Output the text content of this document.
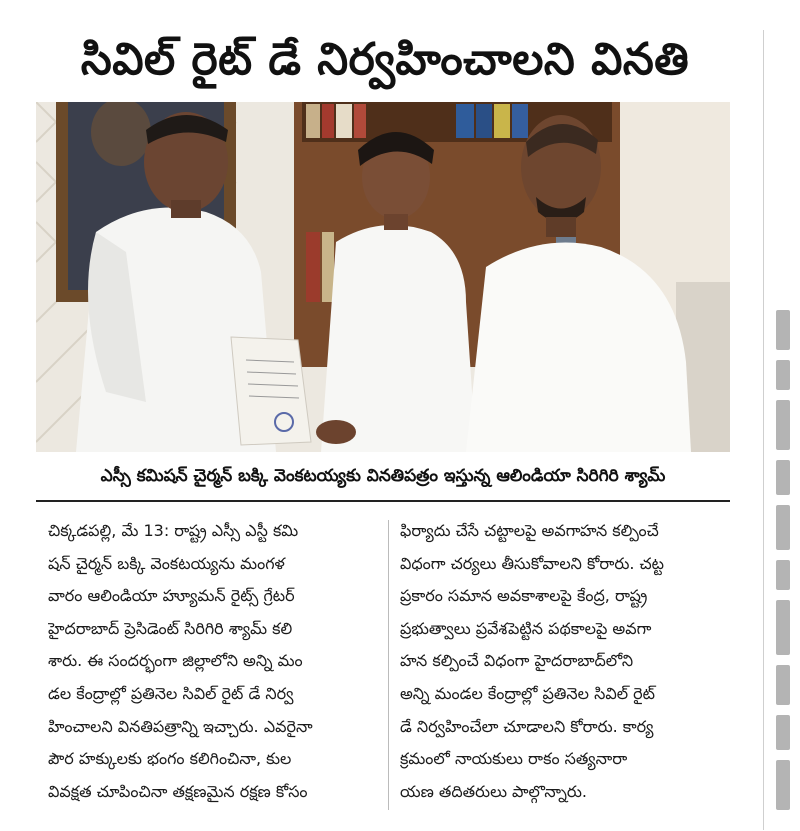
సివిల్ రైట్ డే నిర్వహించాలని వినతి
ఎస్సీ కమిషన్ చైర్మన్ బక్కి వెంకటయ్యకు వినతిపత్రం ఇస్తున్న ఆలిండియా సిరిగిరి శ్యామ్
చిక్కడపల్లి, మే 13: రాష్ట్ర ఎస్సీ ఎస్టీ కమి
షన్ చైర్మన్ బక్కి వెంకటయ్యను మంగళ
వారం ఆలిండియా హ్యూమన్ రైట్స్ గ్రేటర్
హైదరాబాద్ ప్రెసిడెంట్ సిరిగిరి శ్యామ్ కలి
శారు. ఈ సందర్భంగా జిల్లాలోని అన్ని మం
డల కేంద్రాల్లో ప్రతినెల సివిల్ రైట్ డే నిర్వ
హించాలని వినతిపత్రాన్ని ఇచ్చారు. ఎవరైనా
పౌర హక్కులకు భంగం కలిగించినా, కుల
వివక్షత చూపించినా తక్షణమైన రక్షణ కోసం
ఫిర్యాదు చేసే చట్టాలపై అవగాహన కల్పించే
విధంగా చర్యలు తీసుకోవాలని కోరారు. చట్ట
ప్రకారం సమాన అవకాశాలపై కేంద్ర, రాష్ట్ర
ప్రభుత్వాలు ప్రవేశపెట్టిన పథకాలపై అవగా
హన కల్పించే విధంగా హైదరాబాద్‌లోని
అన్ని మండల కేంద్రాల్లో ప్రతినెల సివిల్ రైట్
డే నిర్వహించేలా చూడాలని కోరారు. కార్య
క్రమంలో నాయకులు రాకం సత్యనారా
యణ తదితరులు పాల్గొన్నారు.
